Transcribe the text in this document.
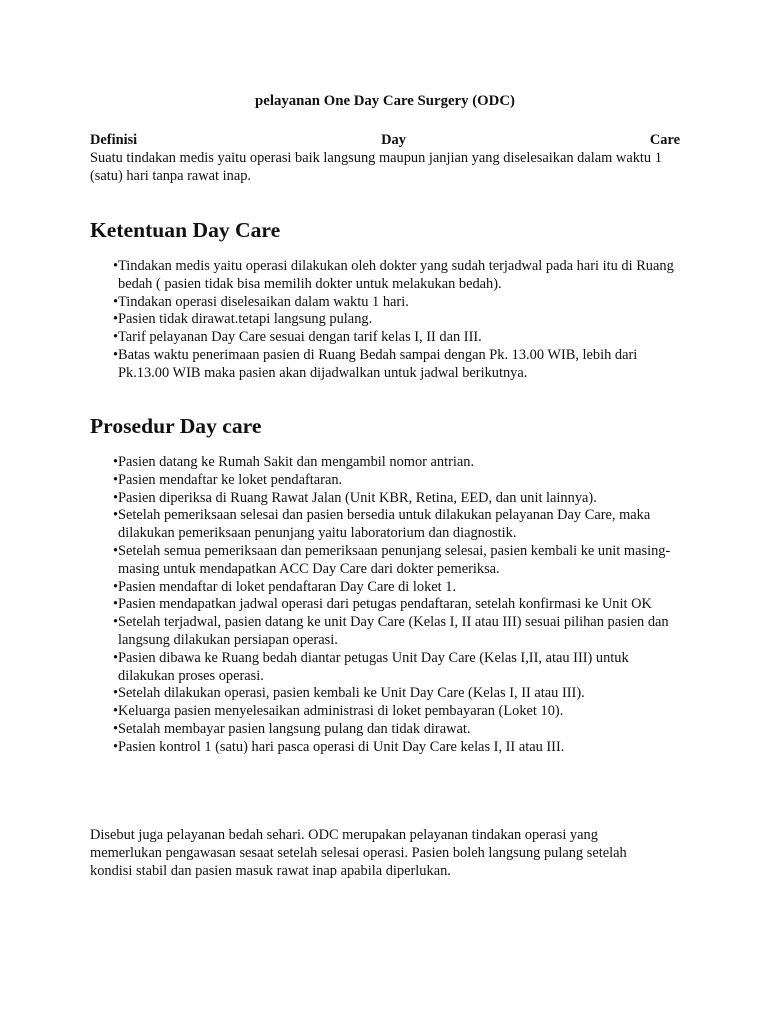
pelayanan One Day Care Surgery (ODC)
Definisi	Day	Care

Suatu tindakan medis yaitu operasi baik langsung maupun janjian yang diselesaikan dalam waktu 1 (satu) hari tanpa rawat inap.

Ketentuan Day Care
• Tindakan medis yaitu operasi dilakukan oleh dokter yang sudah terjadwal pada hari itu di Ruang bedah ( pasien tidak bisa memilih dokter untuk melakukan bedah).
• Tindakan operasi diselesaikan dalam waktu 1 hari.
• Pasien tidak dirawat.tetapi langsung pulang.
• Tarif pelayanan Day Care sesuai dengan tarif kelas I, II dan III.
• Batas waktu penerimaan pasien di Ruang Bedah sampai dengan Pk. 13.00 WIB, lebih dari Pk.13.00 WIB maka pasien akan dijadwalkan untuk jadwal berikutnya.
Prosedur Day care
• Pasien datang ke Rumah Sakit dan mengambil nomor antrian.
• Pasien mendaftar ke loket pendaftaran.
• Pasien diperiksa di Ruang Rawat Jalan (Unit KBR, Retina, EED, dan unit lainnya).
• Setelah pemeriksaan selesai dan pasien bersedia untuk dilakukan pelayanan Day Care, maka dilakukan pemeriksaan penunjang yaitu laboratorium dan diagnostik.
• Setelah semua pemeriksaan dan pemeriksaan penunjang selesai, pasien kembali ke unit masing-masing untuk mendapatkan ACC Day Care dari dokter pemeriksa.
• Pasien mendaftar di loket pendaftaran Day Care di loket 1.
• Pasien mendapatkan jadwal operasi dari petugas pendaftaran, setelah konfirmasi ke Unit OK
• Setelah terjadwal, pasien datang ke unit Day Care (Kelas I, II atau III) sesuai pilihan pasien dan langsung dilakukan persiapan operasi.
• Pasien dibawa ke Ruang bedah diantar petugas Unit Day Care (Kelas I,II, atau III) untuk dilakukan proses operasi.
• Setelah dilakukan operasi, pasien kembali ke Unit Day Care (Kelas I, II atau III).
• Keluarga pasien menyelesaikan administrasi di loket pembayaran (Loket 10).
• Setalah membayar pasien langsung pulang dan tidak dirawat.
• Pasien kontrol 1 (satu) hari pasca operasi di Unit Day Care kelas I, II atau III.

Disebut juga pelayanan bedah sehari. ODC merupakan pelayanan tindakan operasi yang memerlukan pengawasan sesaat setelah selesai operasi. Pasien boleh langsung pulang setelah kondisi stabil dan pasien masuk rawat inap apabila diperlukan.
